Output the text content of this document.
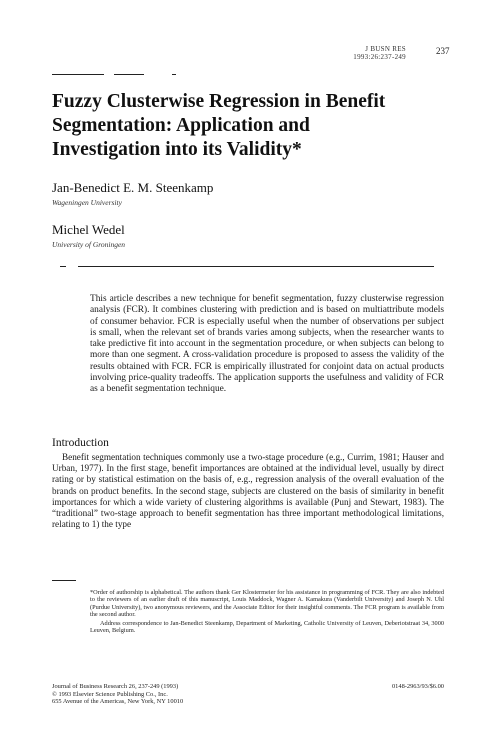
J BUSN RES
1993:26:237-249
237
Fuzzy Clusterwise Regression in Benefit Segmentation: Application and Investigation into its Validity*
Jan-Benedict E. M. Steenkamp
Wageningen University
Michel Wedel
University of Groningen
This article describes a new technique for benefit segmentation, fuzzy clusterwise regression analysis (FCR). It combines clustering with prediction and is based on multiattribute models of consumer behavior. FCR is especially useful when the number of observations per subject is small, when the relevant set of brands varies among subjects, when the researcher wants to take predictive fit into account in the segmentation procedure, or when subjects can belong to more than one segment. A cross-validation procedure is proposed to assess the validity of the results obtained with FCR. FCR is empirically illustrated for conjoint data on actual products involving price-quality tradeoffs. The application supports the usefulness and validity of FCR as a benefit segmentation technique.
Introduction
Benefit segmentation techniques commonly use a two-stage procedure (e.g., Currim, 1981; Hauser and Urban, 1977). In the first stage, benefit importances are obtained at the individual level, usually by direct rating or by statistical estimation on the basis of, e.g., regression analysis of the overall evaluation of the brands on product benefits. In the second stage, subjects are clustered on the basis of similarity in benefit importances for which a wide variety of clustering algorithms is available (Punj and Stewart, 1983). The “traditional” two-stage approach to benefit segmentation has three important methodological limitations, relating to 1) the type
*Order of authorship is alphabetical. The authors thank Ger Klostermeier for his assistance in programming of FCR. They are also indebted to the reviewers of an earlier draft of this manuscript, Louis Maddock, Wagner A. Kamakura (Vanderbilt University) and Joseph N. Uhl (Purdue University), two anonymous reviewers, and the Associate Editor for their insightful comments. The FCR program is available from the second author.
Address correspondence to Jan-Benedict Steenkamp, Department of Marketing, Catholic University of Leuven, Deberiotstraat 34, 3000 Leuven, Belgium.
Journal of Business Research 26, 237-249 (1993)
© 1993 Elsevier Science Publishing Co., Inc.
655 Avenue of the Americas, New York, NY 10010
0148-2963/93/$6.00
